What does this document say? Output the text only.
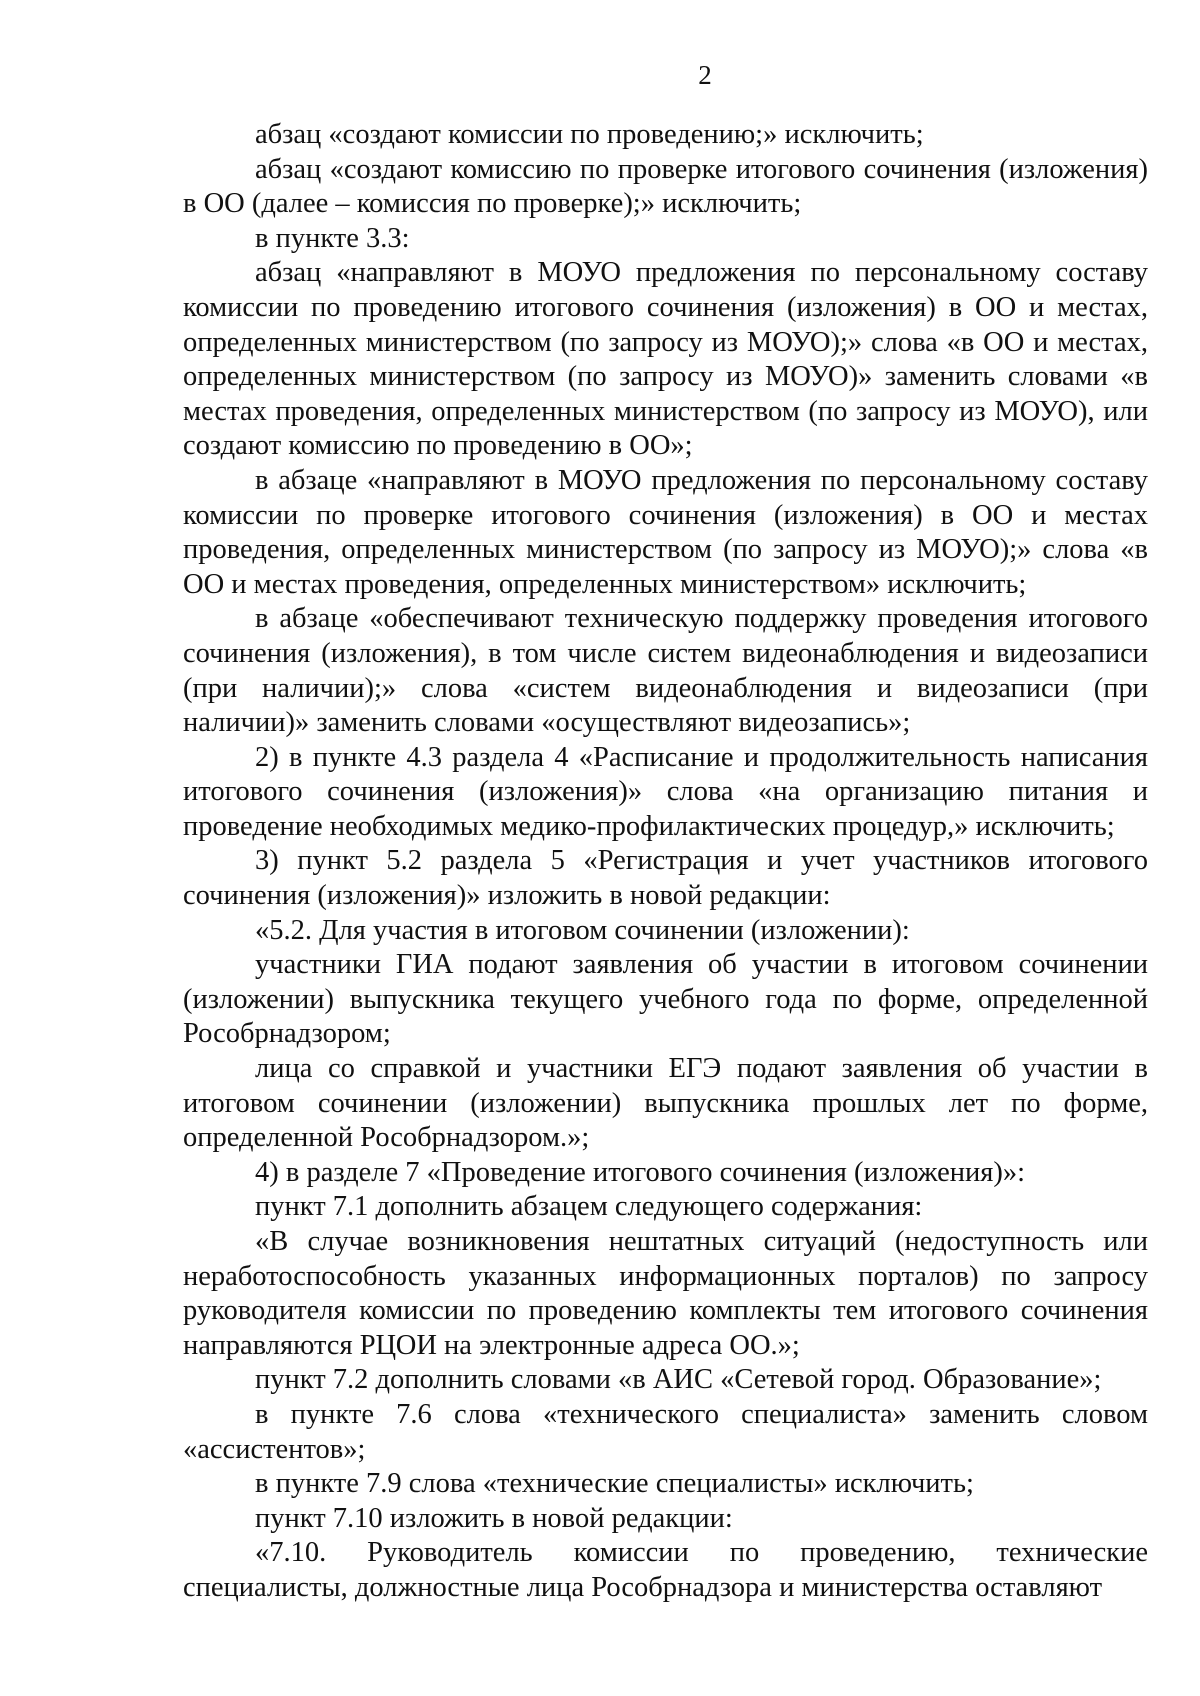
2

абзац «создают комиссии по проведению;» исключить;

абзац «создают комиссию по проверке итогового сочинения (изложения) в ОО (далее – комиссия по проверке);» исключить;

в пункте 3.3:

абзац «направляют в МОУО предложения по персональному составу комиссии по проведению итогового сочинения (изложения) в ОО и местах, определенных министерством (по запросу из МОУО);» слова «в ОО и местах, определенных министерством (по запросу из МОУО)» заменить словами «в местах проведения, определенных министерством (по запросу из МОУО), или создают комиссию по проведению в ОО»;

в абзаце «направляют в МОУО предложения по персональному составу комиссии по проверке итогового сочинения (изложения) в ОО и местах проведения, определенных министерством (по запросу из МОУО);» слова «в ОО и местах проведения, определенных министерством» исключить;

в абзаце «обеспечивают техническую поддержку проведения итогового сочинения (изложения), в том числе систем видеонаблюдения и видеозаписи (при наличии);» слова «систем видеонаблюдения и видеозаписи (при наличии)» заменить словами «осуществляют видеозапись»;

2) в пункте 4.3 раздела 4 «Расписание и продолжительность написания итогового сочинения (изложения)» слова «на организацию питания и проведение необходимых медико-профилактических процедур,» исключить;

3) пункт 5.2 раздела 5 «Регистрация и учет участников итогового сочинения (изложения)» изложить в новой редакции:

«5.2. Для участия в итоговом сочинении (изложении):

участники ГИА подают заявления об участии в итоговом сочинении (изложении) выпускника текущего учебного года по форме, определенной Рособрнадзором;

лица со справкой и участники ЕГЭ подают заявления об участии в итоговом сочинении (изложении) выпускника прошлых лет по форме, определенной Рособрнадзором.»;

4) в разделе 7 «Проведение итогового сочинения (изложения)»:

пункт 7.1 дополнить абзацем следующего содержания:

«В случае возникновения нештатных ситуаций (недоступность или неработоспособность указанных информационных порталов) по запросу руководителя комиссии по проведению комплекты тем итогового сочинения направляются РЦОИ на электронные адреса ОО.»;

пункт 7.2 дополнить словами «в АИС «Сетевой город. Образование»;

в пункте 7.6 слова «технического специалиста» заменить словом «ассистентов»;

в пункте 7.9 слова «технические специалисты» исключить;

пункт 7.10 изложить в новой редакции:

«7.10. Руководитель комиссии по проведению, технические специалисты, должностные лица Рособрнадзора и министерства оставляют
